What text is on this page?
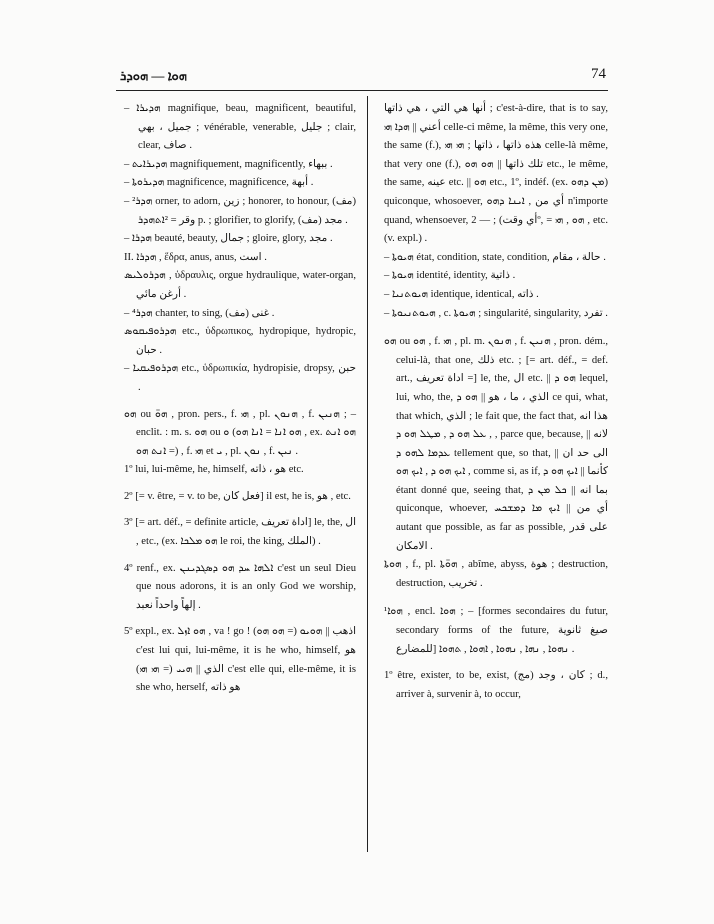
ܗܘܐ — ܗܘܕܪ	74

– ܗܕܝܪܐ magnifique, beau, magnificent, beautiful, جميل ، بهي ; vénérable, venerable, جليل ; clair, clear, صاف .

– ܗܕܝܪܐܝܬ magnifiquement, magnificently, ببهاء .

– ܗܕܝܪܘܬܐ magnificence, magnificence, أبهة .

– ²ܗܕܪ orner, to adorn, زين ; honorer, to honour, (مف) وقر = ²ܐܬܗܕܪ p. ; glorifier, to glorify, (مف) مجد .

– ܗܕܪܐ beauté, beauty, جمال ; gloire, glory, مجد .

II. ܗܕܪܐ , ἕδρα, anus, anus, است .

ܗܕܪܘܠܝܣ , ὑδραυλις, orgue hydraulique, water-organ, أرغن مائي .

– ⁴ܗܕܪ chanter, to sing, (مف) غنى .

ܗܕܪܘܦܝܩܘܣ etc., ὑδρωπικος, hydropique, hydropic, حبان .

– ܗܕܪܘܦܝܩܝܐ etc., ὑδρωπικία, hydropisie, dropsy, حبن .

ܗܘ ou ܗܘ̈ , pron. pers., f. ܗܝ , pl. ܗܢܘܢ , f. ܗܢܝܢ ; – enclit. : m. s. ܗܘ ou ܘ (ܗܘ ܐܢܐ = ܐܢܐ ܗܘ , ex. ܗܘ ܐܢܬ = ܐܢܬ ܗܘ) , f. ܗܝ et ܝ , pl. ܢܘܢ , f. ܢܝܢ .

1º lui, lui-même, he, himself, هو ، ذاته etc.

2º [= v. être, = v. to be, فعل كان] il est, he is, هو , etc.

3º [= art. déf., = definite article, اداة تعريف] le, the, ال , etc., (ex. ܗܘ ܡܠܟܐ le roi, the king, الملك) .

4º renf., ex. ܐܠܗܐ ܚܕ ܗܘ ܕܣܓܕܝܢܢ c'est un seul Dieu que nous adorons, it is an only God we worship, إلهاً واحداً نعبد .

5º expl., ex. ܗܘ ܐܙܠ , va ! go ! اذهب || ܗܘܝܘ (= ܗܘ ܗܘ) c'est lui qui, lui-même, it is he who, himself, هو الذي || ܗܝܝ (= ܗܝ ܗܝ) c'est elle qui, elle-même, it is she who, herself, هو ذاته

أنها هي التي ، هي ذاتها ; c'est-à-dire, that is to say, أعني || ܗܕܐ ܗܝ celle-ci même, la même, this very one, the same (f.), هذه ذاتها ، ذاتها ; ܗܝ ܗܝ celle-là même, that very one (f.), تلك ذاتها || ܗܘ ܗܘ etc., le même, the same, عينه etc. || ܗܘ etc., 1º, indéf. (ex. ܡܢ ܕܗܘ) quiconque, whosoever, أي من , ܐܝܢܐ ܕܗܘ n'importe quand, whensoever, أي وقت) ; — 2º, = ܗܘ , ܗܝ , etc. (v. expl.) .

– ܗܝܘܬܐ état, condition, state, condition, حالة ، مقام .

– ܗܝܘܬܐ identité, identity, ذاتية .

– ܗܝܘܬܢܝܐ identique, identical, ذاته .

– ܗܝܘܬܢܝܘܬܐ , c. ܗܝܘܬܐ ; singularité, singularity, تفرد .

ܗܘ ou ܗܘ , f. ܗܝ , pl. m. ܗܢܘܢ , f. ܗܢܝܢ , pron. dém., celui-là, that one, ذلك etc. ; [= art. déf., = def. art., اداة تعريف =] le, the, ال etc. || ܗܘ ܕ lequel, lui, who, the, الذي ، ما ، هو || ܗܘ ܕ ce qui, what, that which, الذي ; le fait que, the fact that, هذا انه , ܥܠ ܗܘ ܕ , ܡܛܠ ܗܘ ܕ , parce que, because, لانه || ܥܕܡܐ ܠܗܘ ܕ tellement que, so that, الى حد ان || ܐܝܟ ܗܘ ܕ , ܐܝܟ ܗܘ , comme si, as if, كأنما || ܐܝܟ ܗܘ ܕ étant donné que, seeing that, بما انه || ܟܠ ܡܢ ܕ quiconque, whoever, أي من || ܐܝܟ ܡܐ ܕܡܫܟܚ autant que possible, as far as possible, على قدر الامكان .

ܗܘܬܐ , f., pl. ܗܘ̈ܬܐ , abîme, abyss, هوة ; destruction, destruction, تخريب .

¹ܗܘܐ , encl. ܗܘܐ ; – [formes secondaires du futur, secondary forms of the future, صيغ ثانوية للمضارع] ܢܗܘܐ , ܢܗܐ , ܢܗܘܐ , ܐܗܘܐ , ܬܗܘܐ .

1º être, exister, to be, exist, كان ، وجد (مج) ; d., arriver à, survenir à, to occur,
